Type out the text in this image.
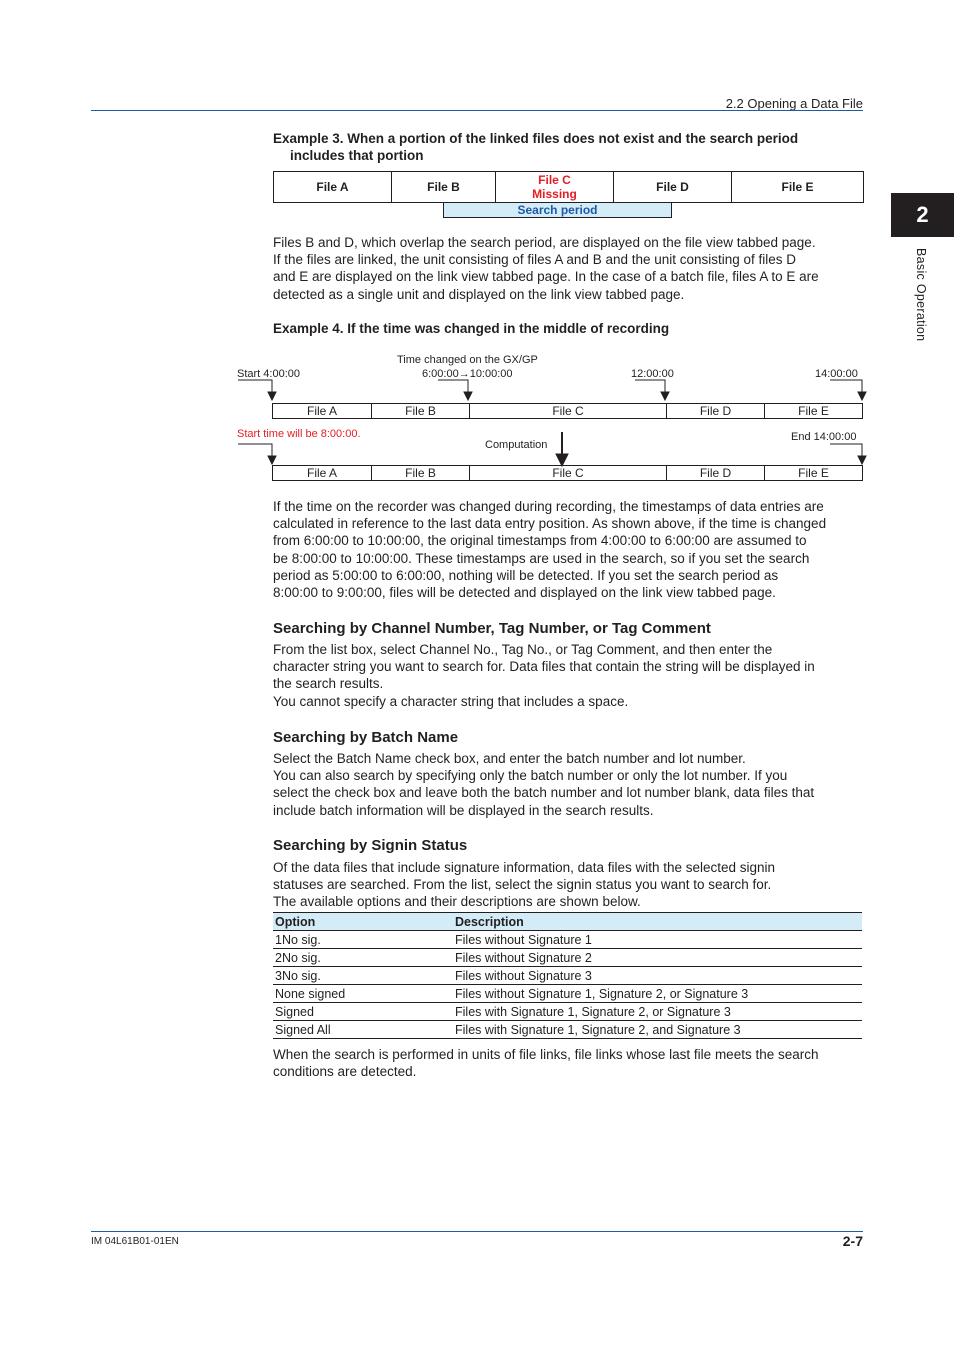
2.2 Opening a Data File
2
Basic Operation
Example 3. When a portion of the linked files does not exist and the search period
includes that portion
File A	File B	File C
Missing	File D	File E
Search period
Files B and D, which overlap the search period, are displayed on the file view tabbed page.
If the files are linked, the unit consisting of files A and B and the unit consisting of files D
and E are displayed on the link view tabbed page. In the case of a batch file, files A to E are
detected as a single unit and displayed on the link view tabbed page.
Example 4. If the time was changed in the middle of recording
Start 4:00:00
Time changed on the GX/GP
6:00:00→10:00:00	12:00:00	14:00:00
File A	File B	File C	File D	File E
Start time will be 8:00:00.
Computation
End 14:00:00
File A	File B	File C	File D	File E
If the time on the recorder was changed during recording, the timestamps of data entries are
calculated in reference to the last data entry position. As shown above, if the time is changed
from 6:00:00 to 10:00:00, the original timestamps from 4:00:00 to 6:00:00 are assumed to
be 8:00:00 to 10:00:00. These timestamps are used in the search, so if you set the search
period as 5:00:00 to 6:00:00, nothing will be detected. If you set the search period as
8:00:00 to 9:00:00, files will be detected and displayed on the link view tabbed page.
Searching by Channel Number, Tag Number, or Tag Comment
From the list box, select Channel No., Tag No., or Tag Comment, and then enter the
character string you want to search for. Data files that contain the string will be displayed in
the search results.
You cannot specify a character string that includes a space.
Searching by Batch Name
Select the Batch Name check box, and enter the batch number and lot number.
You can also search by specifying only the batch number or only the lot number. If you
select the check box and leave both the batch number and lot number blank, data files that
include batch information will be displayed in the search results.
Searching by Signin Status
Of the data files that include signature information, data files with the selected signin
statuses are searched. From the list, select the signin status you want to search for.
The available options and their descriptions are shown below.
Option	Description
1No sig.	Files without Signature 1
2No sig.	Files without Signature 2
3No sig.	Files without Signature 3
None signed	Files without Signature 1, Signature 2, or Signature 3
Signed	Files with Signature 1, Signature 2, or Signature 3
Signed All	Files with Signature 1, Signature 2, and Signature 3
When the search is performed in units of file links, file links whose last file meets the search
conditions are detected.
IM 04L61B01-01EN	2-7
